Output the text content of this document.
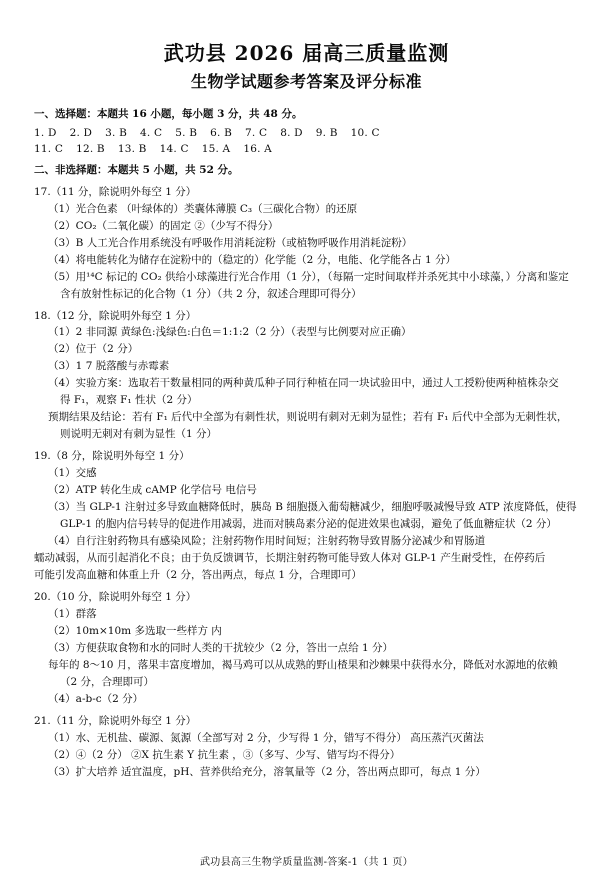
武功县 2026 届高三质量监测
生物学试题参考答案及评分标准
一、选择题：本题共 16 小题，每小题 3 分，共 48 分。
1. D 2. D 3. B 4. C 5. B 6. B 7. C 8. D 9. B 10. C
11. C 12. B 13. B 14. C 15. A 16. A
二、非选择题：本题共 5 小题，共 52 分。
17.（11 分，除说明外每空 1 分）
（1）光合色素 （叶绿体的）类囊体薄膜 C₃（三碳化合物）的还原
（2）CO₂（二氧化碳）的固定 ②（少写不得分）
（3）B 人工光合作用系统没有呼吸作用消耗淀粉（或植物呼吸作用消耗淀粉）
（4）将电能转化为储存在淀粉中的（稳定的）化学能（2 分，电能、化学能各占 1 分）
（5）用¹⁴C 标记的 CO₂ 供给小球藻进行光合作用（1 分），（每隔一定时间取样并杀死其中小球藻，）分离和鉴定
含有放射性标记的化合物（1 分）（共 2 分，叙述合理即可得分）
18.（12 分，除说明外每空 1 分）
（1）2 非同源 黄绿色:浅绿色:白色＝1:1:2（2 分）（表型与比例要对应正确）
（2）位于（2 分）
（3）1 7 脱落酸与赤霉素
（4）实验方案：选取若干数量相同的两种黄瓜种子同行种植在同一块试验田中，通过人工授粉使两种植株杂交
得 F₁，观察 F₁ 性状（2 分）
预期结果及结论：若有 F₁ 后代中全部为有刺性状，则说明有刺对无刺为显性；若有 F₁ 后代中全部为无刺性状，
则说明无刺对有刺为显性（1 分）
19.（8 分，除说明外每空 1 分）
（1）交感
（2）ATP 转化生成 cAMP 化学信号 电信号
（3）当 GLP-1 注射过多导致血糖降低时，胰岛 B 细胞摄入葡萄糖减少，细胞呼吸减慢导致 ATP 浓度降低，使得
GLP-1 的胞内信号转导的促进作用减弱，进而对胰岛素分泌的促进效果也减弱，避免了低血糖症状（2 分）
（4）自行注射药物具有感染风险；注射药物作用时间短；注射药物导致胃肠分泌减少和胃肠道
蠕动减弱，从而引起消化不良；由于负反馈调节，长期注射药物可能导致人体对 GLP-1 产生耐受性，在停药后
可能引发高血糖和体重上升（2 分，答出两点，每点 1 分，合理即可）
20.（10 分，除说明外每空 1 分）
（1）群落
（2）10m×10m 多选取一些样方 内
（3）方便获取食物和水的同时人类的干扰较少（2 分，答出一点给 1 分）
每年的 8～10 月，落果丰富度增加，褐马鸡可以从成熟的野山楂果和沙棘果中获得水分，降低对水源地的依赖
（2 分，合理即可）
（4）a-b-c（2 分）
21.（11 分，除说明外每空 1 分）
（1）水、无机盐、碳源、氮源（全部写对 2 分，少写得 1 分，错写不得分） 高压蒸汽灭菌法
（2）④（2 分） ②X 抗生素 Y 抗生素 ，③（多写、少写、错写均不得分）
（3）扩大培养 适宜温度，pH、营养供给充分，溶氧量等（2 分，答出两点即可，每点 1 分）
武功县高三生物学质量监测-答案-1（共 1 页）
